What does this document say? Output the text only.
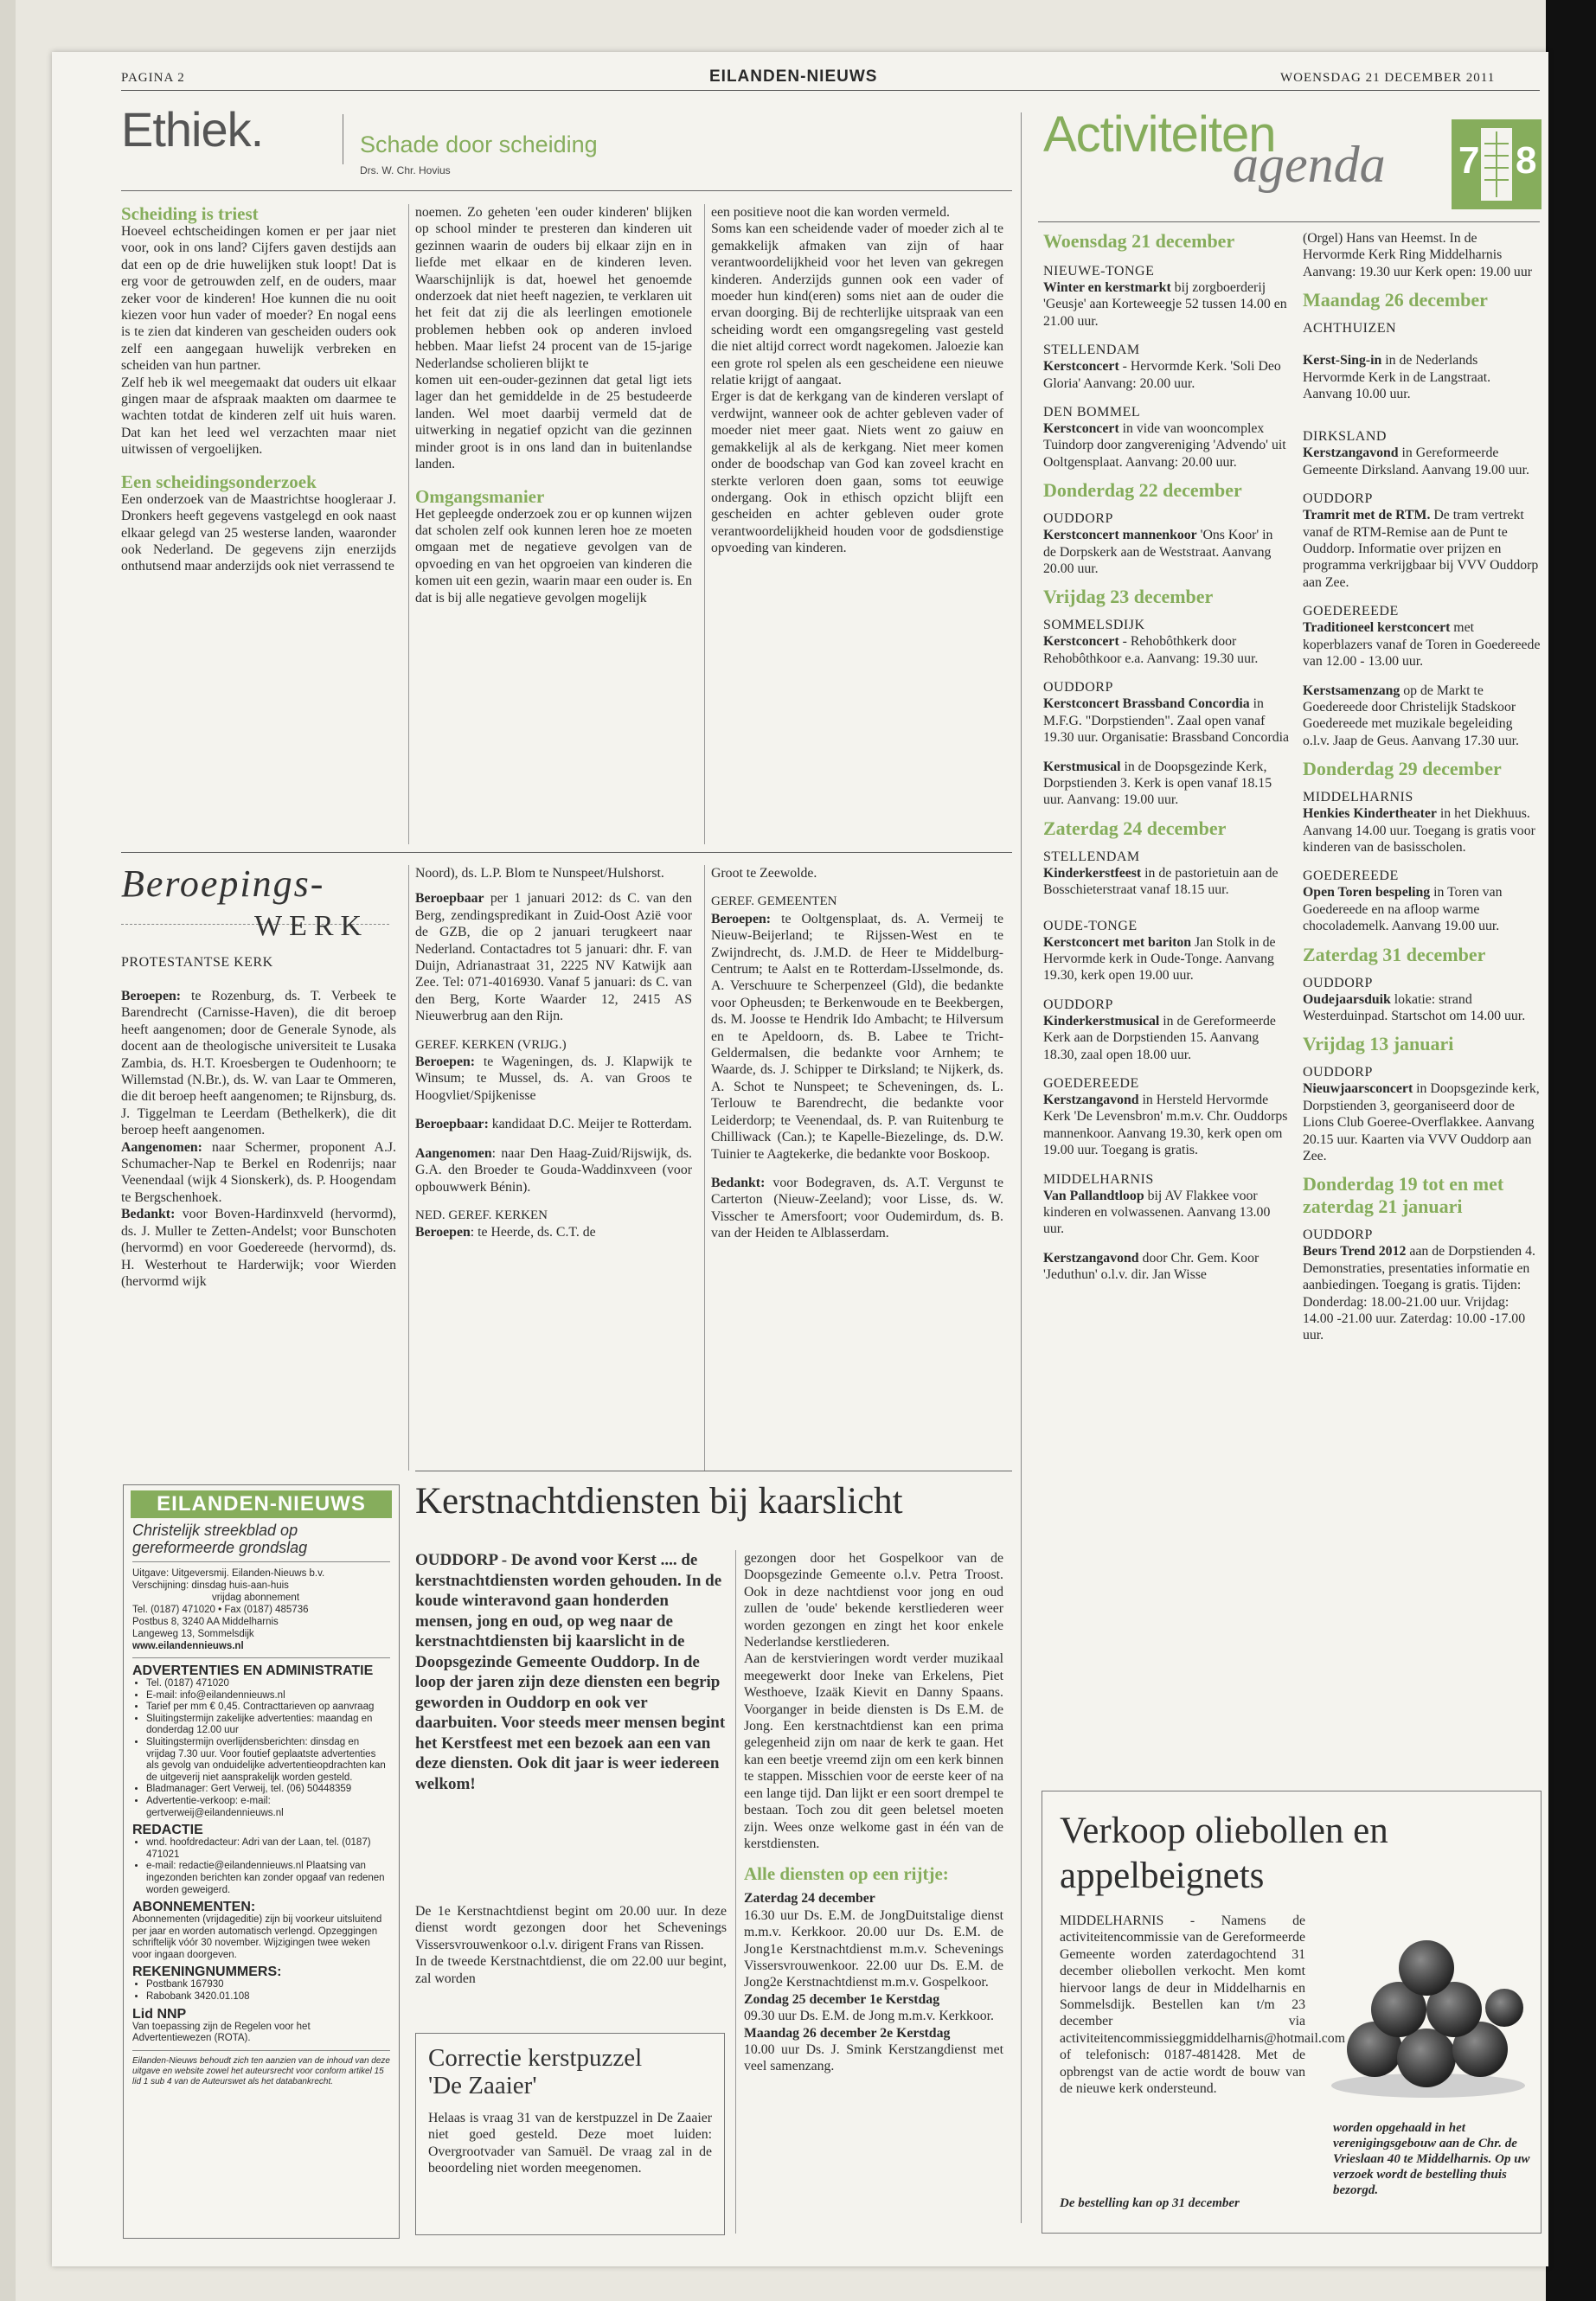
PAGINA 2	EILANDEN-NIEUWS	WOENSDAG 21 DECEMBER 2011
Ethiek.	Schade door scheiding
Drs. W. Chr. Hovius
Scheiding is triest

Hoeveel echtscheidingen komen er per jaar niet voor, ook in ons land? Cijfers gaven destijds aan dat een op de drie huwelijken stuk loopt! Dat is erg voor de getrouwden zelf, en de ouders, maar zeker voor de kinderen! Hoe kunnen die nu ooit kiezen voor hun vader of moeder? En nogal eens is te zien dat kinderen van gescheiden ouders ook zelf een aangegaan huwelijk verbreken en scheiden van hun partner.

Zelf heb ik wel meegemaakt dat ouders uit elkaar gingen maar de afspraak maakten om daarmee te wachten totdat de kinderen zelf uit huis waren. Dat kan het leed wel verzachten maar niet uitwissen of vergoelijken.

Een scheidingsonderzoek

Een onderzoek van de Maastrichtse hoogleraar J. Dronkers heeft gegevens vastgelegd en ook naast elkaar gelegd van 25 westerse landen, waaronder ook Nederland. De gegevens zijn enerzijds onthutsend maar anderzijds ook niet verrassend te

noemen. Zo geheten 'een ouder kinderen' blijken op school minder te presteren dan kinderen uit gezinnen waarin de ouders bij elkaar zijn en in liefde met elkaar en de kinderen leven. Waarschijnlijk is dat, hoewel het genoemde onderzoek dat niet heeft nagezien, te verklaren uit het feit dat zij die als leerlingen emotionele problemen hebben ook op anderen invloed hebben. Maar liefst 24 procent van de 15-jarige Nederlandse scholieren blijkt te

komen uit een-ouder-gezinnen dat getal ligt iets lager dan het gemiddelde in de 25 bestudeerde landen. Wel moet daarbij vermeld dat de uitwerking in negatief opzicht van die gezinnen minder groot is in ons land dan in buitenlandse landen.

Omgangsmanier

Het gepleegde onderzoek zou er op kunnen wijzen dat scholen zelf ook kunnen leren hoe ze moeten omgaan met de negatieve gevolgen van de opvoeding en van het opgroeien van kinderen die komen uit een gezin, waarin maar een ouder is. En dat is bij alle negatieve gevolgen mogelijk

een positieve noot die kan worden vermeld.

Soms kan een scheidende vader of moeder zich al te gemakkelijk afmaken van zijn of haar verantwoordelijkheid voor het leven van gekregen kinderen. Anderzijds gunnen ook een vader of moeder hun kind(eren) soms niet aan de ouder die ervan doorging. Bij de rechterlijke uitspraak van een scheiding wordt een omgangsregeling vast gesteld die niet altijd correct wordt nagekomen. Jaloezie kan een grote rol spelen als een gescheidene een nieuwe relatie krijgt of aangaat.

Erger is dat de kerkgang van de kinderen verslapt of verdwijnt, wanneer ook de achter gebleven vader of moeder niet meer gaat. Niets went zo gaiuw en gemakkelijk al als de kerkgang. Niet meer komen onder de boodschap van God kan zoveel kracht en sterkte verloren doen gaan, soms tot eeuwige ondergang. Ook in ethisch opzicht blijft een gescheiden en achter gebleven ouder grote verantwoordelijkheid houden voor de godsdienstige opvoeding van kinderen.

Activiteiten
agenda 7 8
Woensdag 21 december
NIEUWE-TONGE
Winter en kerstmarkt bij zorgboerderij 'Geusje' aan Korteweegje 52 tussen 14.00 en 21.00 uur.
STELLENDAM
Kerstconcert - Hervormde Kerk. 'Soli Deo Gloria' Aanvang: 20.00 uur.
DEN BOMMEL
Kerstconcert in vide van wooncomplex Tuindorp door zangvereniging 'Advendo' uit Ooltgensplaat. Aanvang: 20.00 uur.
Donderdag 22 december
OUDDORP
Kerstconcert mannenkoor 'Ons Koor' in de Dorpskerk aan de Weststraat. Aanvang 20.00 uur.
Vrijdag 23 december
SOMMELSDIJK
Kerstconcert - Rehobôthkerk door Rehobôthkoor e.a. Aanvang: 19.30 uur.
OUDDORP
Kerstconcert Brassband Concordia in M.F.G. "Dorpstienden". Zaal open vanaf 19.30 uur. Organisatie: Brassband Concordia
Kerstmusical in de Doopsgezinde Kerk, Dorpstienden 3. Kerk is open vanaf 18.15 uur. Aanvang: 19.00 uur.
Zaterdag 24 december
STELLENDAM
Kinderkerstfeest in de pastorietuin aan de Bosschieterstraat vanaf 18.15 uur.
OUDE-TONGE
Kerstconcert met bariton Jan Stolk in de Hervormde kerk in Oude-Tonge. Aanvang 19.30, kerk open 19.00 uur.
OUDDORP
Kinderkerstmusical in de Gereformeerde Kerk aan de Dorpstienden 15. Aanvang 18.30, zaal open 18.00 uur.
GOEDEREEDE
Kerstzangavond in Hersteld Hervormde Kerk 'De Levensbron' m.m.v. Chr. Ouddorps mannenkoor. Aanvang 19.30, kerk open om 19.00 uur. Toegang is gratis.
MIDDELHARNIS
Van Pallandtloop bij AV Flakkee voor kinderen en volwassenen. Aanvang 13.00 uur.
Kerstzangavond door Chr. Gem. Koor 'Jeduthun' o.l.v. dir. Jan Wisse
(Orgel) Hans van Heemst. In de Hervormde Kerk Ring Middelharnis Aanvang: 19.30 uur Kerk open: 19.00 uur
Maandag 26 december
ACHTHUIZEN
Kerst-Sing-in in de Nederlands Hervormde Kerk in de Langstraat. Aanvang 10.00 uur.
DIRKSLAND
Kerstzangavond in Gereformeerde Gemeente Dirksland. Aanvang 19.00 uur.
OUDDORP
Tramrit met de RTM. De tram vertrekt vanaf de RTM-Remise aan de Punt te Ouddorp. Informatie over prijzen en programma verkrijgbaar bij VVV Ouddorp aan Zee.
GOEDEREEDE
Traditioneel kerstconcert met koperblazers vanaf de Toren in Goedereede van 12.00 - 13.00 uur.
Kerstsamenzang op de Markt te Goedereede door Christelijk Stadskoor Goedereede met muzikale begeleiding o.l.v. Jaap de Geus. Aanvang 17.30 uur.
Donderdag 29 december
MIDDELHARNIS
Henkies Kindertheater in het Diekhuus. Aanvang 14.00 uur. Toegang is gratis voor kinderen van de basisscholen.
GOEDEREEDE
Open Toren bespeling in Toren van Goedereede en na afloop warme chocolademelk. Aanvang 19.00 uur.
Zaterdag 31 december
OUDDORP
Oudejaarsduik lokatie: strand Westerduinpad. Startschot om 14.00 uur.
Vrijdag 13 januari
OUDDORP
Nieuwjaarsconcert in Doopsgezinde kerk, Dorpstienden 3, georganiseerd door de Lions Club Goeree-Overflakkee. Aanvang 20.15 uur. Kaarten via VVV Ouddorp aan Zee.
Donderdag 19 tot en met zaterdag 21 januari
OUDDORP
Beurs Trend 2012 aan de Dorpstienden 4. Demonstraties, presentaties informatie en aanbiedingen. Toegang is gratis. Tijden: Donderdag: 18.00-21.00 uur. Vrijdag: 14.00 -21.00 uur. Zaterdag: 10.00 -17.00 uur.
Beroepings-
WERK
PROTESTANTSE KERK

Beroepen: te Rozenburg, ds. T. Verbeek te Barendrecht (Carnisse-Haven), die dit beroep heeft aangenomen; door de Generale Synode, als docent aan de theologische universiteit te Lusaka Zambia, ds. H.T. Kroesbergen te Oudenhoorn; te Willemstad (N.Br.), ds. W. van Laar te Ommeren, die dit beroep heeft aangenomen; te Rijnsburg, ds. J. Tiggelman te Leerdam (Bethelkerk), die dit beroep heeft aangenomen.

Aangenomen: naar Schermer, proponent A.J. Schumacher-Nap te Berkel en Rodenrijs; naar Veenendaal (wijk 4 Sionskerk), ds. P. Hoogendam te Bergschenhoek.

Bedankt: voor Boven-Hardinxveld (hervormd), ds. J. Muller te Zetten-Andelst; voor Bunschoten (hervormd) en voor Goedereede (hervormd), ds. H. Westerhout te Harderwijk; voor Wierden (hervormd wijk

Noord), ds. L.P. Blom te Nunspeet/Hulshorst.

Beroepbaar per 1 januari 2012: ds C. van den Berg, zendingspredikant in Zuid-Oost Azië voor de GZB, die op 2 januari terugkeert naar Nederland. Contactadres tot 5 januari: dhr. F. van Duijn, Adrianastraat 31, 2225 NV Katwijk aan Zee. Tel: 071-4016930. Vanaf 5 januari: ds C. van den Berg, Korte Waarder 12, 2415 AS Nieuwerbrug aan den Rijn.

GEREF. KERKEN (VRIJG.)

Beroepen: te Wageningen, ds. J. Klapwijk te Winsum; te Mussel, ds. A. van Groos te Hoogvliet/Spijkenisse

Beroepbaar: kandidaat D.C. Meijer te Rotterdam.

Aangenomen: naar Den Haag-Zuid/Rijswijk, ds. G.A. den Broeder te Gouda-Waddinxveen (voor opbouwwerk Bénin).

NED. GEREF. KERKEN

Beroepen: te Heerde, ds. C.T. de

Groot te Zeewolde.

GEREF. GEMEENTEN

Beroepen: te Ooltgensplaat, ds. A. Vermeij te Nieuw-Beijerland; te Rijssen-West en te Zwijndrecht, ds. J.M.D. de Heer te Middelburg-Centrum; te Aalst en te Rotterdam-IJsselmonde, ds. A. Verschuure te Scherpenzeel (Gld), die bedankte voor Opheusden; te Berkenwoude en te Beekbergen, ds. M. Joosse te Hendrik Ido Ambacht; te Hilversum en te Apeldoorn, ds. B. Labee te Tricht-Geldermalsen, die bedankte voor Arnhem; te Waarde, ds. J. Schipper te Dirksland; te Nijkerk, ds. A. Schot te Nunspeet; te Scheveningen, ds. L. Terlouw te Barendrecht, die bedankte voor Leiderdorp; te Veenendaal, ds. P. van Ruitenburg te Chilliwack (Can.); te Kapelle-Biezelinge, ds. D.W. Tuinier te Aagtekerke, die bedankte voor Boskoop.

Bedankt: voor Bodegraven, ds. A.T. Vergunst te Carterton (Nieuw-Zeeland); voor Lisse, ds. W. Visscher te Amersfoort; voor Oudemirdum, ds. B. van der Heiden te Alblasserdam.

EILANDEN-NIEUWS
Christelijk streekblad op
gereformeerde grondslag
Uitgave: Uitgeversmij. Eilanden-Nieuws b.v.
Verschijning: dinsdag huis-aan-huis
vrijdag abonnement
Tel. (0187) 471020 • Fax (0187) 485736
Postbus 8, 3240 AA Middelharnis
Langeweg 13, Sommelsdijk
www.eilandennieuws.nl
ADVERTENTIES EN ADMINISTRATIE
• Tel. (0187) 471020
• E-mail: info@eilandennieuws.nl
• Tarief per mm € 0,45. Contracttarieven op aanvraag
• Sluitingstermijn zakelijke advertenties: maandag en donderdag 12.00 uur
• Sluitingstermijn overlijdensberichten: dinsdag en vrijdag 7.30 uur. Voor foutief geplaatste advertenties als gevolg van onduidelijke advertentieopdrachten kan de uitgeverij niet aansprakelijk worden gesteld.
• Bladmanager: Gert Verweij, tel. (06) 50448359
• Advertentie-verkoop: e-mail: gertverweij@eilandennieuws.nl
REDACTIE
• wnd. hoofdredacteur: Adri van der Laan, tel. (0187) 471021
• e-mail: redactie@eilandennieuws.nl Plaatsing van ingezonden berichten kan zonder opgaaf van redenen worden geweigerd.
ABONNEMENTEN:
Abonnementen (vrijdageditie) zijn bij voorkeur uitsluitend per jaar en worden automatisch verlengd. Opzeggingen schriftelijk vóór 30 november. Wijzigingen twee weken voor ingaan doorgeven.
REKENINGNUMMERS:
• Postbank 167930
• Rabobank 3420.01.108
Lid NNP
Van toepassing zijn de Regelen voor het Advertentiewezen (ROTA).
Eilanden-Nieuws behoudt zich ten aanzien van de inhoud van deze uitgave en website zowel het auteursrecht voor conform artikel 15 lid 1 sub 4 van de Auteurswet als het databankrecht.
Kerstnachtdiensten bij kaarslicht
OUDDORP - De avond voor Kerst .... de kerstnachtdiensten worden gehouden. In de koude winteravond gaan honderden mensen, jong en oud, op weg naar de kerstnachtdiensten bij kaarslicht in de Doopsgezinde Gemeente Ouddorp. In de loop der jaren zijn deze diensten een begrip geworden in Ouddorp en ook ver daarbuiten. Voor steeds meer mensen begint het Kerstfeest met een bezoek aan een van deze diensten. Ook dit jaar is weer iedereen welkom!

De 1e Kerstnachtdienst begint om 20.00 uur. In deze dienst wordt gezongen door het Schevenings Vissersvrouwenkoor o.l.v. dirigent Frans van Rissen.

In de tweede Kerstnachtdienst, die om 22.00 uur begint, zal worden

gezongen door het Gospelkoor van de Doopsgezinde Gemeente o.l.v. Petra Troost. Ook in deze nachtdienst voor jong en oud zullen de 'oude' bekende kerstliederen weer worden gezongen en zingt het koor enkele Nederlandse kerstliederen.

Aan de kerstvieringen wordt verder muzikaal meegewerkt door Ineke van Erkelens, Piet Westhoeve, Izaäk Kievit en Danny Spaans. Voorganger in beide diensten is Ds E.M. de Jong. Een kerstnachtdienst kan een prima gelegenheid zijn om naar de kerk te gaan. Het kan een beetje vreemd zijn om een kerk binnen te stappen. Misschien voor de eerste keer of na een lange tijd. Dan lijkt er een soort drempel te bestaan. Toch zou dit geen beletsel moeten zijn. Wees onze welkome gast in één van de kerstdiensten.

Alle diensten op een rijtje:
Zaterdag 24 december
16.30 uur Ds. E.M. de JongDuitstalige dienst m.m.v. Kerkkoor. 20.00 uur Ds. E.M. de Jong1e Kerstnachtdienst m.m.v. Schevenings Vissersvrouwenkoor. 22.00 uur Ds. E.M. de Jong2e Kerstnachtdienst m.m.v. Gospelkoor.
Zondag 25 december 1e Kerstdag
09.30 uur Ds. E.M. de Jong m.m.v. Kerkkoor.
Maandag 26 december 2e Kerstdag
10.00 uur Ds. J. Smink Kerstzangdienst met veel samenzang.
Correctie kerstpuzzel
'De Zaaier'
Helaas is vraag 31 van de kerstpuzzel in De Zaaier niet goed gesteld. Deze moet luiden: Overgrootvader van Samuël. De vraag zal in de beoordeling niet worden meegenomen.
Verkoop oliebollen en
appelbeignets
MIDDELHARNIS - Namens de activiteitencommissie van de Gereformeerde Gemeente worden zaterdagochtend 31 december oliebollen verkocht. Men komt hiervoor langs de deur in Middelharnis en Sommelsdijk. Bestellen kan t/m 23 december via activiteitencommissieggmiddelharnis@hotmail.com of telefonisch: 0187-481428. Met de opbrengst van de actie wordt de bouw van de nieuwe kerk ondersteund.
De bestelling kan op 31 december
worden opgehaald in het verenigingsgebouw aan de Chr. de Vrieslaan 40 te Middelharnis. Op uw verzoek wordt de bestelling thuis bezorgd.
